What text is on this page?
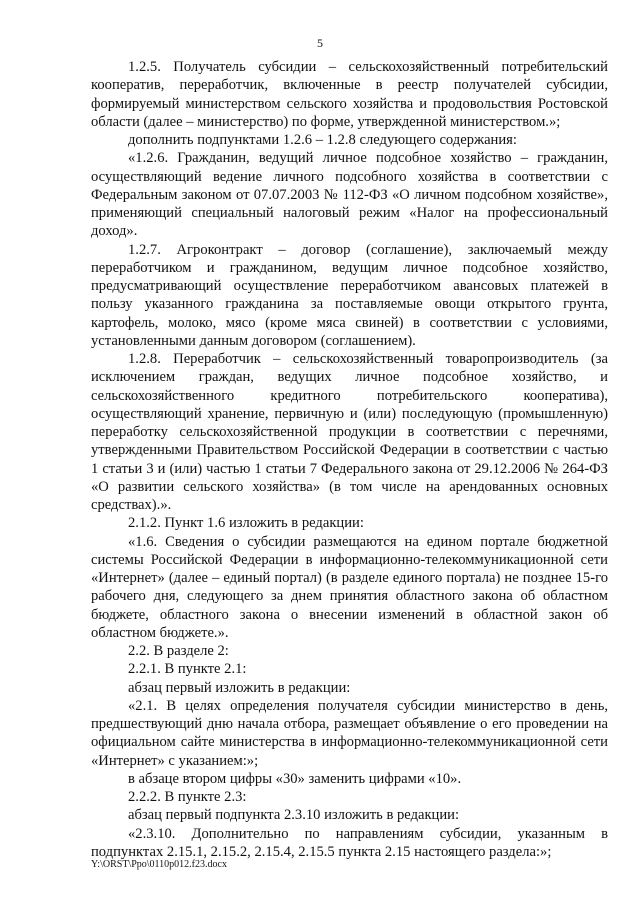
5

1.2.5. Получатель субсидии – сельскохозяйственный потребительский кооператив, переработчик, включенные в реестр получателей субсидии, формируемый министерством сельского хозяйства и продовольствия Ростовской области (далее – министерство) по форме, утвержденной министерством.»;

дополнить подпунктами 1.2.6 – 1.2.8 следующего содержания:

«1.2.6. Гражданин, ведущий личное подсобное хозяйство – гражданин, осуществляющий ведение личного подсобного хозяйства в соответствии с Федеральным законом от 07.07.2003 № 112-ФЗ «О личном подсобном хозяйстве», применяющий специальный налоговый режим «Налог на профессиональный доход».

1.2.7. Агроконтракт – договор (соглашение), заключаемый между переработчиком и гражданином, ведущим личное подсобное хозяйство, предусматривающий осуществление переработчиком авансовых платежей в пользу указанного гражданина за поставляемые овощи открытого грунта, картофель, молоко, мясо (кроме мяса свиней) в соответствии с условиями, установленными данным договором (соглашением).

1.2.8. Переработчик – сельскохозяйственный товаропроизводитель (за исключением граждан, ведущих личное подсобное хозяйство, и сельскохозяйственного кредитного потребительского кооператива), осуществляющий хранение, первичную и (или) последующую (промышленную) переработку сельскохозяйственной продукции в соответствии с перечнями, утвержденными Правительством Российской Федерации в соответствии с частью 1 статьи 3 и (или) частью 1 статьи 7 Федерального закона от 29.12.2006 № 264-ФЗ «О развитии сельского хозяйства» (в том числе на арендованных основных средствах).».

2.1.2. Пункт 1.6 изложить в редакции:

«1.6. Сведения о субсидии размещаются на едином портале бюджетной системы Российской Федерации в информационно-телекоммуникационной сети «Интернет» (далее – единый портал) (в разделе единого портала) не позднее 15-го рабочего дня, следующего за днем принятия областного закона об областном бюджете, областного закона о внесении изменений в областной закон об областном бюджете.».

2.2. В разделе 2:

2.2.1. В пункте 2.1:

абзац первый изложить в редакции:

«2.1. В целях определения получателя субсидии министерство в день, предшествующий дню начала отбора, размещает объявление о его проведении на официальном сайте министерства в информационно-телекоммуникационной сети «Интернет» с указанием:»;

в абзаце втором цифры «30» заменить цифрами «10».

2.2.2. В пункте 2.3:

абзац первый подпункта 2.3.10 изложить в редакции:

«2.3.10. Дополнительно по направлениям субсидии, указанным в подпунктах 2.15.1, 2.15.2, 2.15.4, 2.15.5 пункта 2.15 настоящего раздела:»;

Y:\ORST\Ppo\0110p012.f23.docx
